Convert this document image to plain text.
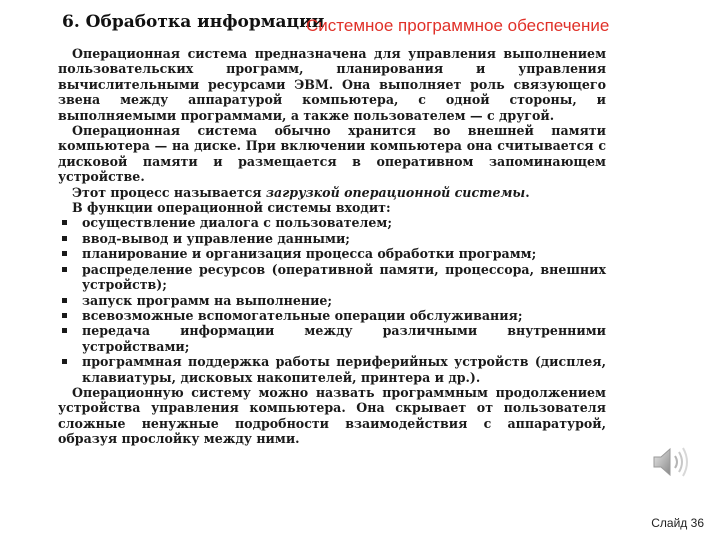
6. Обработка информации
Системное программное обеспечение

Операционная система предназначена для управления выполнением пользовательских программ, планирования и управления вычислительными ресурсами ЭВМ. Она выполняет роль связующего звена между аппаратурой компьютера, с одной стороны, и выполняемыми программами, а также пользователем — с другой.

Операционная система обычно хранится во внешней памяти компьютера — на диске. При включении компьютера она считывается с дисковой памяти и размещается в оперативном запоминающем устройстве.

Этот процесс называется загрузкой операционной системы.

В функции операционной системы входит:

осуществление диалога с пользователем;
ввод-вывод и управление данными;
планирование и организация процесса обработки программ;
распределение ресурсов (оперативной памяти, процессора, внешних устройств);
запуск программ на выполнение;
всевозможные вспомогательные операции обслуживания;
передача информации между различными внутренними устройствами;
программная поддержка работы периферийных устройств (дисплея, клавиатуры, дисковых накопителей, принтера и др.).

Операционную систему можно назвать программным продолжением устройства управления компьютера. Она скрывает от пользователя сложные ненужные подробности взаимодействия с аппаратурой, образуя прослойку между ними.

Слайд 36
